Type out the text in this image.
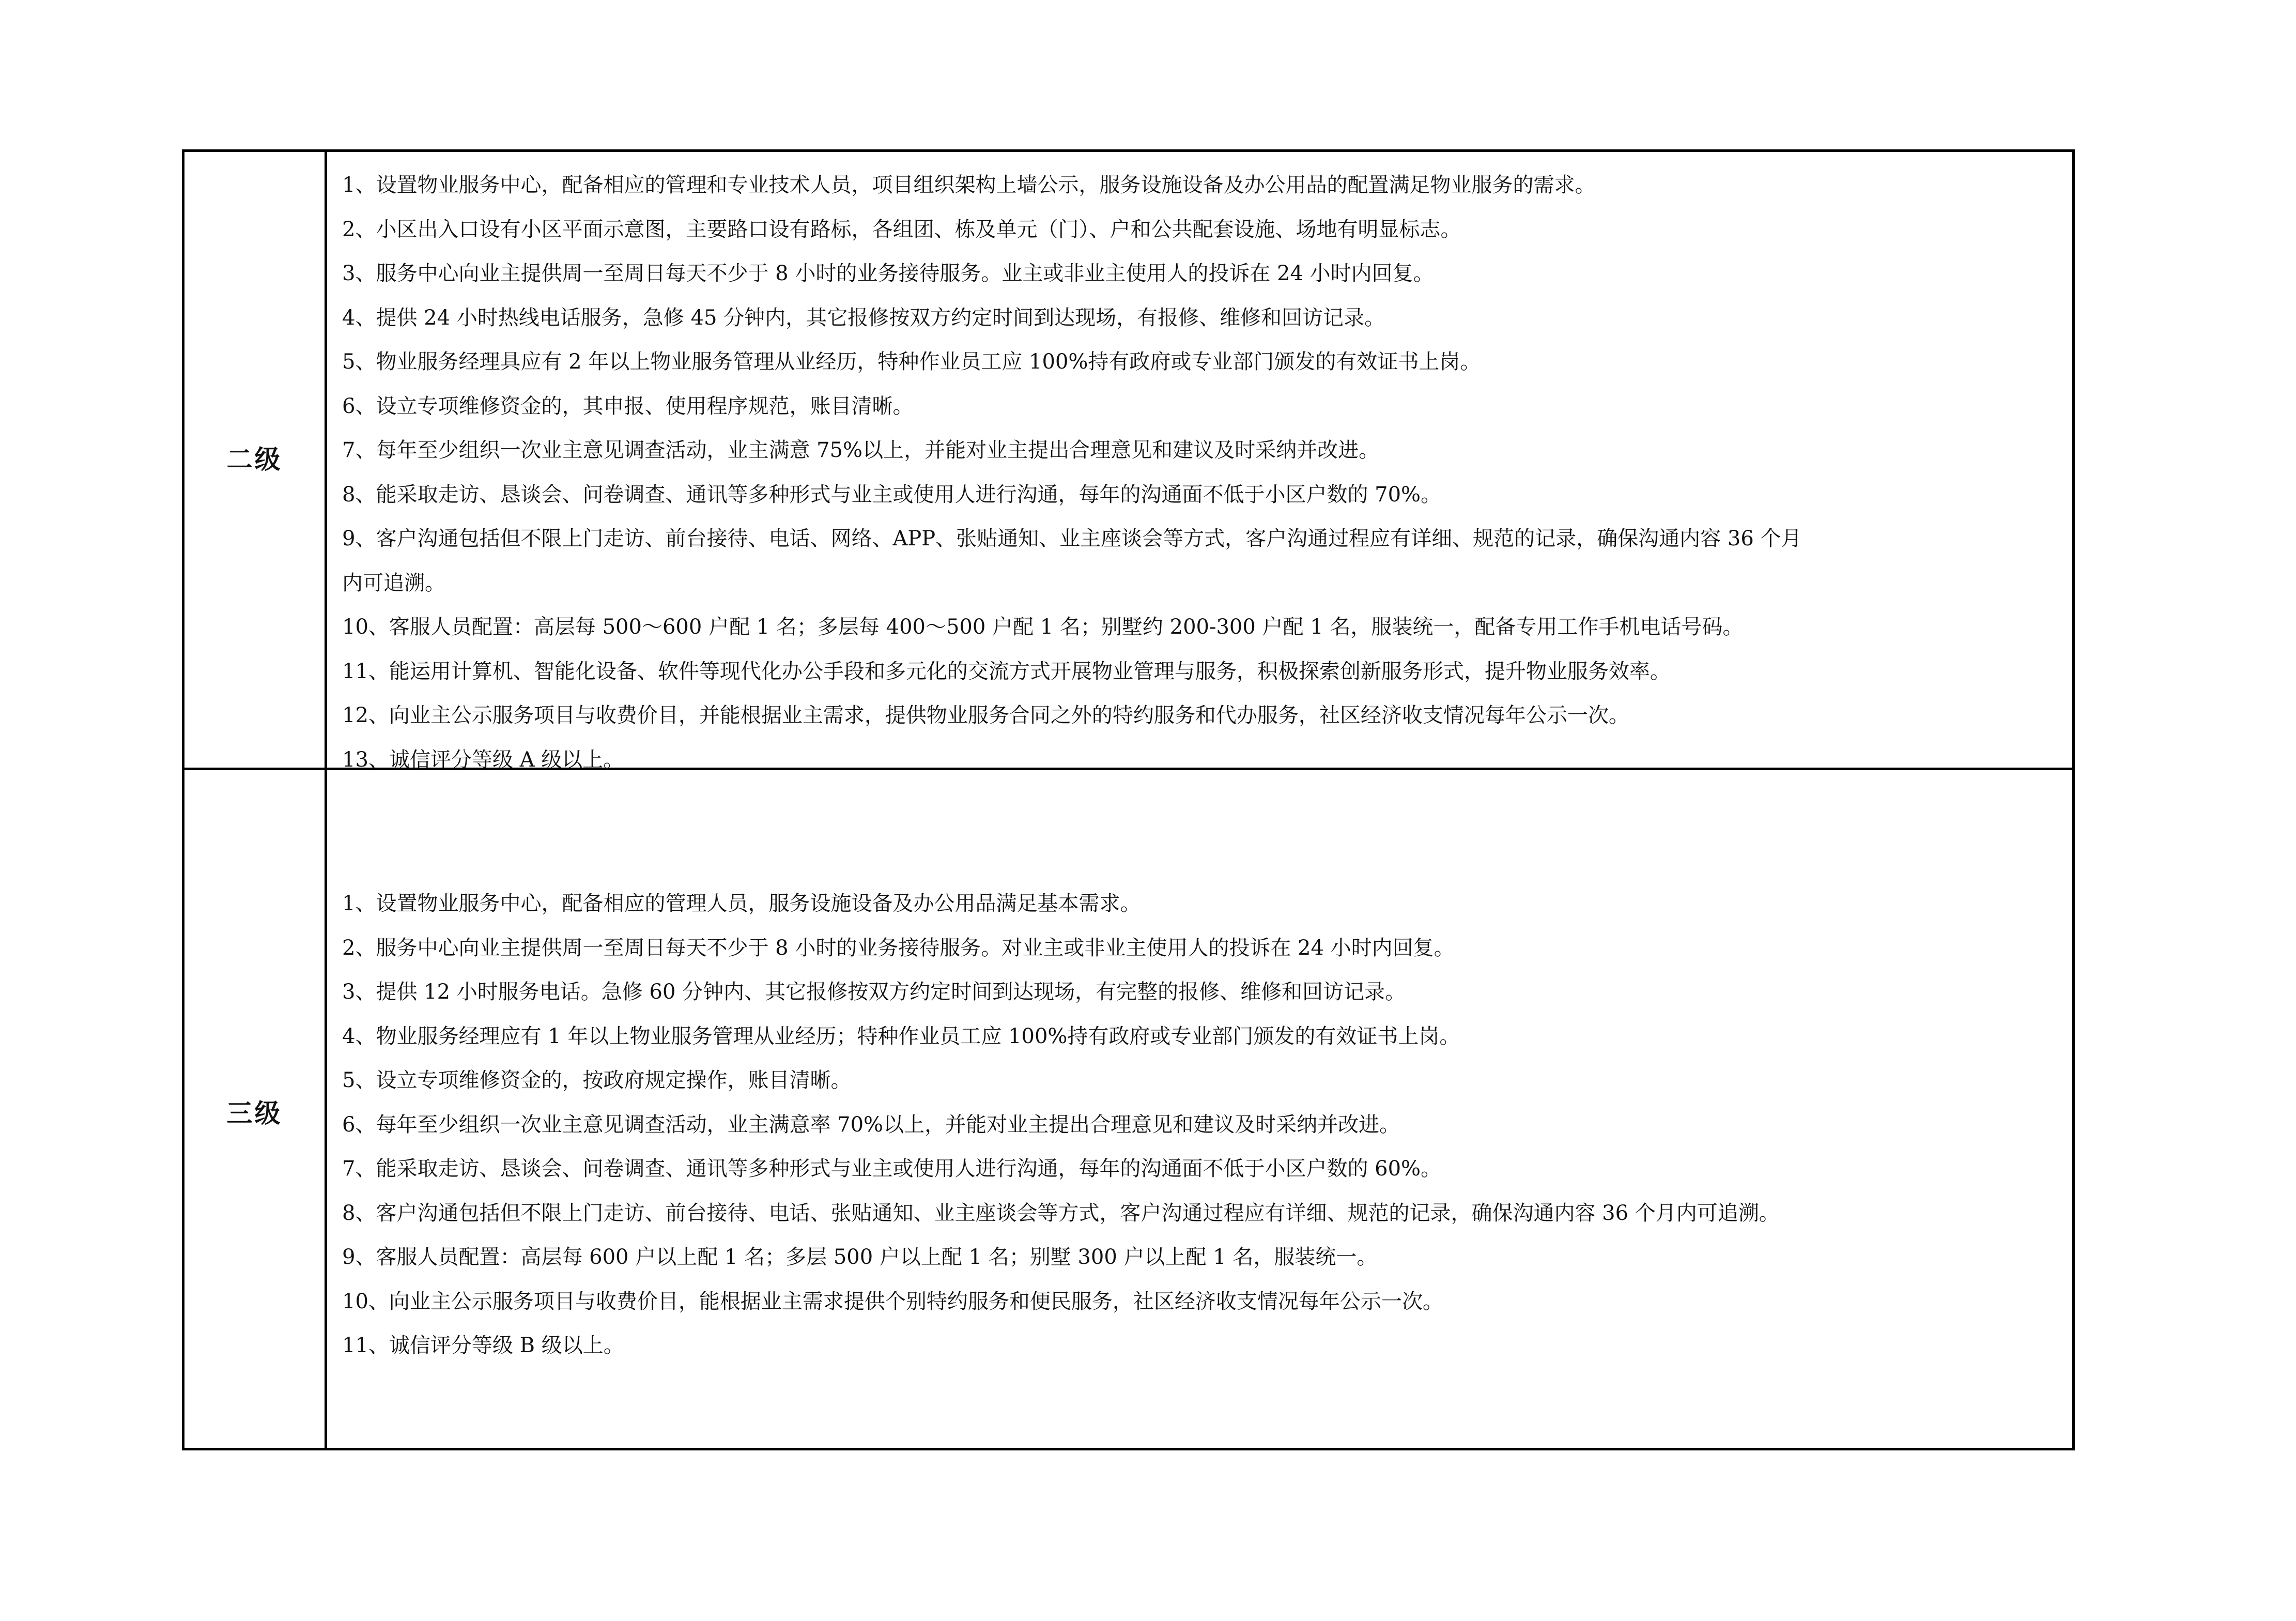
二级
1、设置物业服务中心，配备相应的管理和专业技术人员，项目组织架构上墙公示，服务设施设备及办公用品的配置满足物业服务的需求。
2、小区出入口设有小区平面示意图，主要路口设有路标，各组团、栋及单元（门）、户和公共配套设施、场地有明显标志。
3、服务中心向业主提供周一至周日每天不少于 8 小时的业务接待服务。业主或非业主使用人的投诉在 24 小时内回复。
4、提供 24 小时热线电话服务，急修 45 分钟内，其它报修按双方约定时间到达现场，有报修、维修和回访记录。
5、物业服务经理具应有 2 年以上物业服务管理从业经历，特种作业员工应 100%持有政府或专业部门颁发的有效证书上岗。
6、设立专项维修资金的，其申报、使用程序规范，账目清晰。
7、每年至少组织一次业主意见调查活动，业主满意 75%以上，并能对业主提出合理意见和建议及时采纳并改进。
8、能采取走访、恳谈会、问卷调查、通讯等多种形式与业主或使用人进行沟通，每年的沟通面不低于小区户数的 70%。
9、客户沟通包括但不限上门走访、前台接待、电话、网络、APP、张贴通知、业主座谈会等方式，客户沟通过程应有详细、规范的记录，确保沟通内容 36 个月
内可追溯。
10、客服人员配置：高层每 500～600 户配 1 名；多层每 400～500 户配 1 名；别墅约 200-300 户配 1 名，服装统一，配备专用工作手机电话号码。
11、能运用计算机、智能化设备、软件等现代化办公手段和多元化的交流方式开展物业管理与服务，积极探索创新服务形式，提升物业服务效率。
12、向业主公示服务项目与收费价目，并能根据业主需求，提供物业服务合同之外的特约服务和代办服务，社区经济收支情况每年公示一次。
13、诚信评分等级 A 级以上。
三级
1、设置物业服务中心，配备相应的管理人员，服务设施设备及办公用品满足基本需求。
2、服务中心向业主提供周一至周日每天不少于 8 小时的业务接待服务。对业主或非业主使用人的投诉在 24 小时内回复。
3、提供 12 小时服务电话。急修 60 分钟内、其它报修按双方约定时间到达现场，有完整的报修、维修和回访记录。
4、物业服务经理应有 1 年以上物业服务管理从业经历；特种作业员工应 100%持有政府或专业部门颁发的有效证书上岗。
5、设立专项维修资金的，按政府规定操作，账目清晰。
6、每年至少组织一次业主意见调查活动，业主满意率 70%以上，并能对业主提出合理意见和建议及时采纳并改进。
7、能采取走访、恳谈会、问卷调查、通讯等多种形式与业主或使用人进行沟通，每年的沟通面不低于小区户数的 60%。
8、客户沟通包括但不限上门走访、前台接待、电话、张贴通知、业主座谈会等方式，客户沟通过程应有详细、规范的记录，确保沟通内容 36 个月内可追溯。
9、客服人员配置：高层每 600 户以上配 1 名；多层 500 户以上配 1 名；别墅 300 户以上配 1 名，服装统一。
10、向业主公示服务项目与收费价目，能根据业主需求提供个别特约服务和便民服务，社区经济收支情况每年公示一次。
11、诚信评分等级 B 级以上。
